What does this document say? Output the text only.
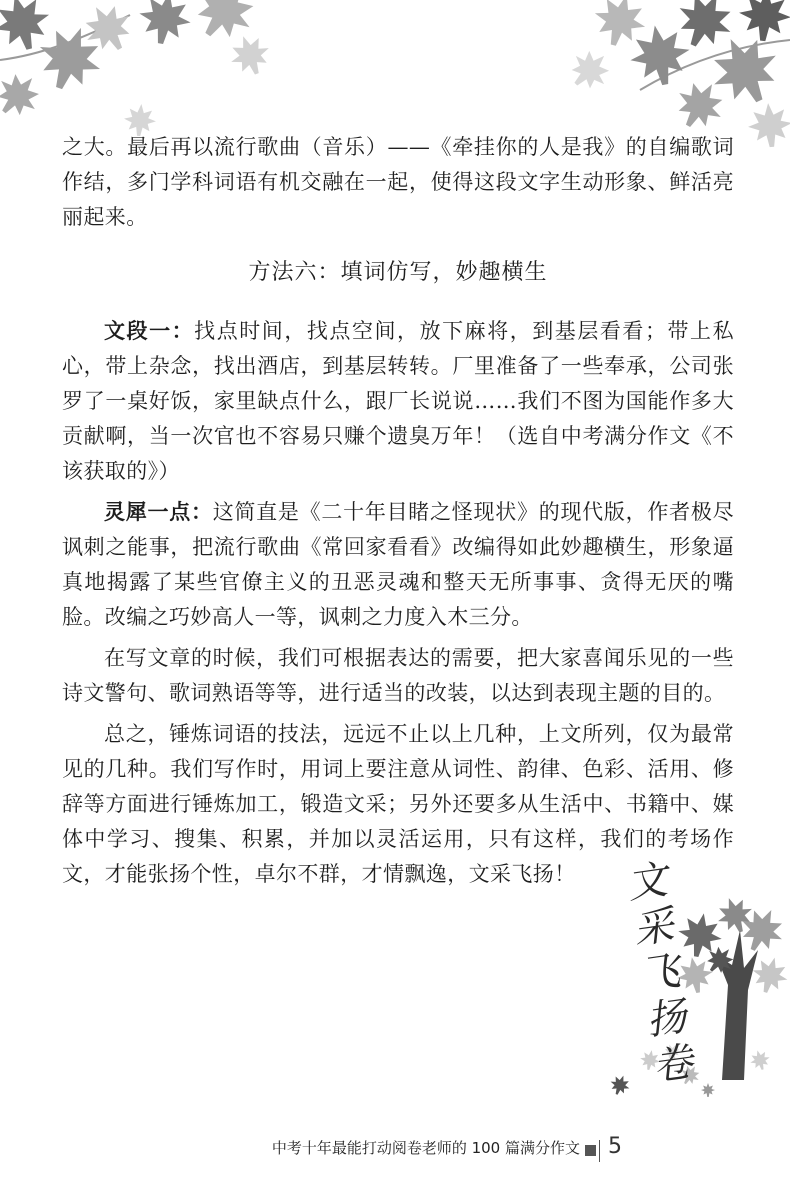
之大。最后再以流行歌曲（音乐）——《牵挂你的人是我》的自编歌词作结，多门学科词语有机交融在一起，使得这段文字生动形象、鲜活亮丽起来。

方法六：填词仿写，妙趣横生

文段一：找点时间，找点空间，放下麻将，到基层看看；带上私心，带上杂念，找出酒店，到基层转转。厂里准备了一些奉承，公司张罗了一桌好饭，家里缺点什么，跟厂长说说……我们不图为国能作多大贡献啊，当一次官也不容易只赚个遗臭万年！（选自中考满分作文《不该获取的》）

灵犀一点：这简直是《二十年目睹之怪现状》的现代版，作者极尽讽刺之能事，把流行歌曲《常回家看看》改编得如此妙趣横生，形象逼真地揭露了某些官僚主义的丑恶灵魂和整天无所事事、贪得无厌的嘴脸。改编之巧妙高人一等，讽刺之力度入木三分。

在写文章的时候，我们可根据表达的需要，把大家喜闻乐见的一些诗文警句、歌词熟语等等，进行适当的改装，以达到表现主题的目的。

总之，锤炼词语的技法，远远不止以上几种，上文所列，仅为最常见的几种。我们写作时，用词上要注意从词性、韵律、色彩、活用、修辞等方面进行锤炼加工，锻造文采；另外还要多从生活中、书籍中、媒体中学习、搜集、积累，并加以灵活运用，只有这样，我们的考场作文，才能张扬个性，卓尔不群，才情飘逸，文采飞扬！	文
采
飞
扬
卷
中考十年最能打动阅卷老师的 100 篇满分作文 5
